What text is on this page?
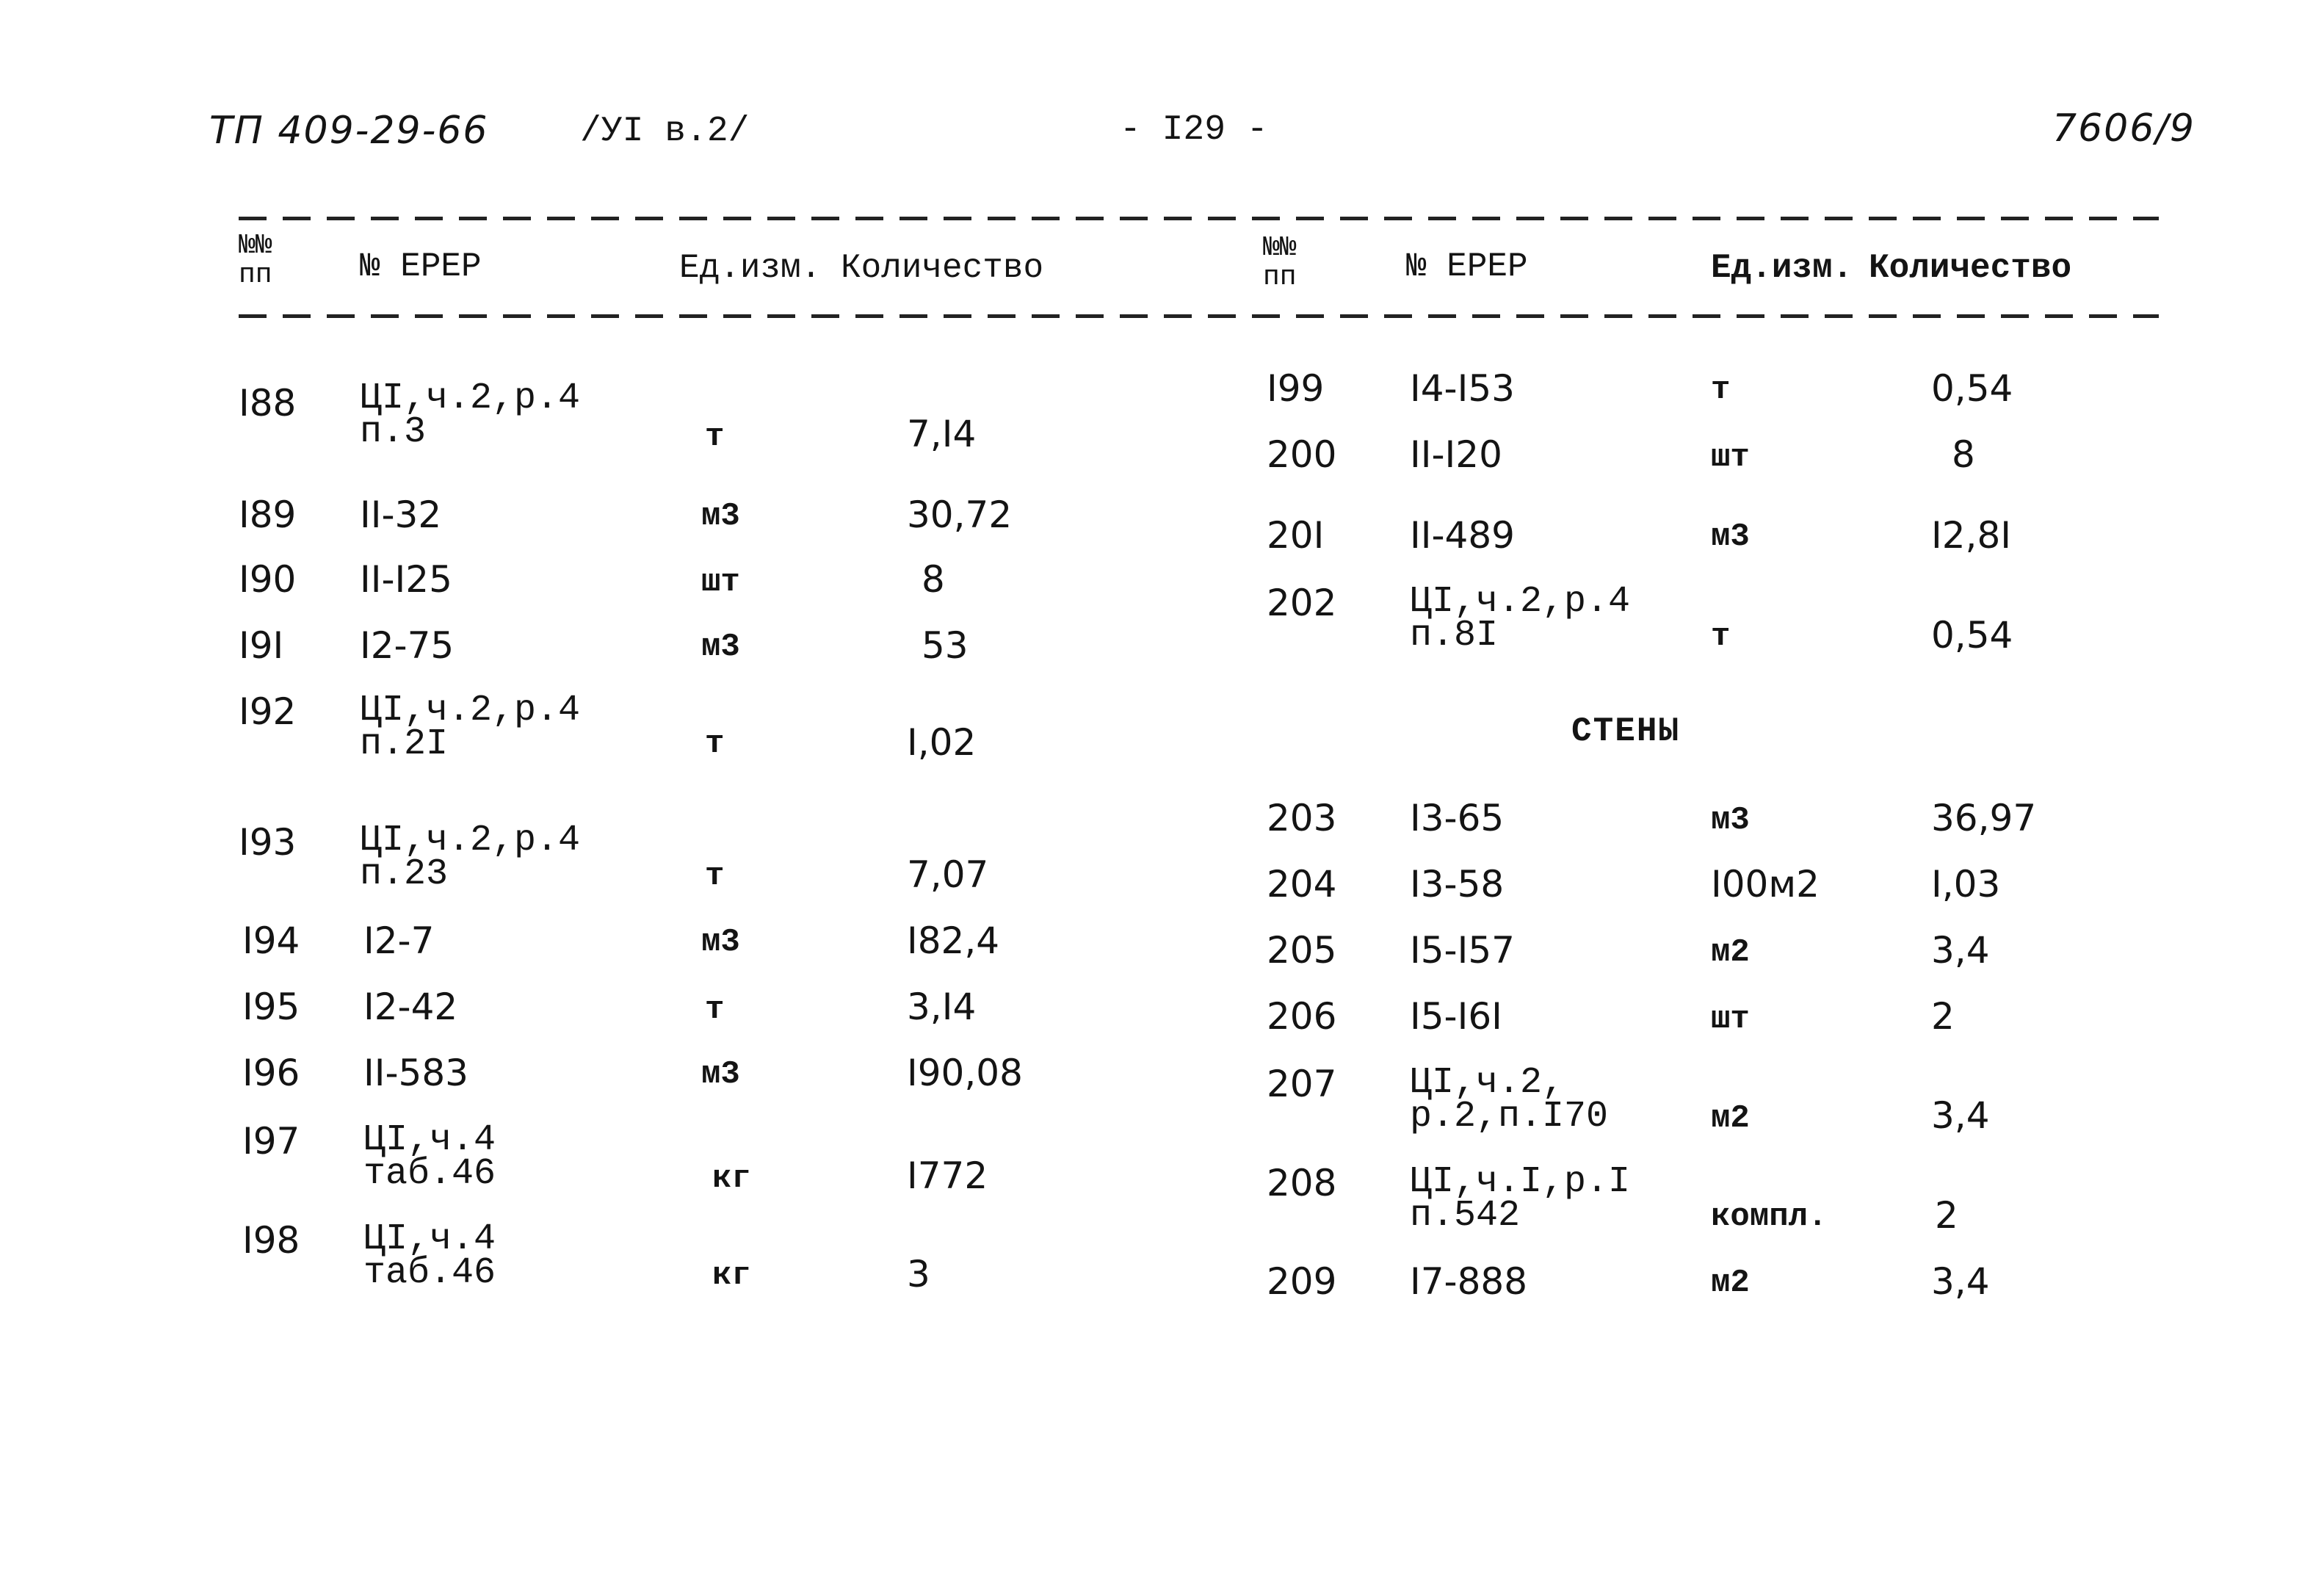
ТП 409-29-66	/УI в.2/	- I29 -	7606/9
№№
пп	№ ЕРЕР	Ед.изм. Количество
№№
пп	№ ЕРЕР	Ед.изм. Количество
I88 ЦI,ч.2,р.4
п.3	т	7,I4
I89 II-32	м3	30,72
I90 II-I25	шт	8
I9I I2-75	м3	53
I92 ЦI,ч.2,р.4
п.2I	т	I,02
I93 ЦI,ч.2,р.4
п.23	т	7,07
I94 I2-7	м3	I82,4
I95 I2-42	т	3,I4
I96 II-583	м3	I90,08
I97 ЦI,ч.4
таб.46	кг	I772
I98 ЦI,ч.4
таб.46	кг	3
I99 I4-I53	т	0,54
200 II-I20	шт	8
20I II-489	м3	I2,8I
202 ЦI,ч.2,р.4
п.8I	т	0,54
СТЕНЫ
203 I3-65	м3	36,97
204 I3-58	I00м2	I,03
205 I5-I57	м2	3,4
206 I5-I6I	шт	2
207 ЦI,ч.2,
р.2,п.I70	м2	3,4
208 ЦI,ч.I,р.I
п.542	компл.	2
209 I7-888	м2	3,4
